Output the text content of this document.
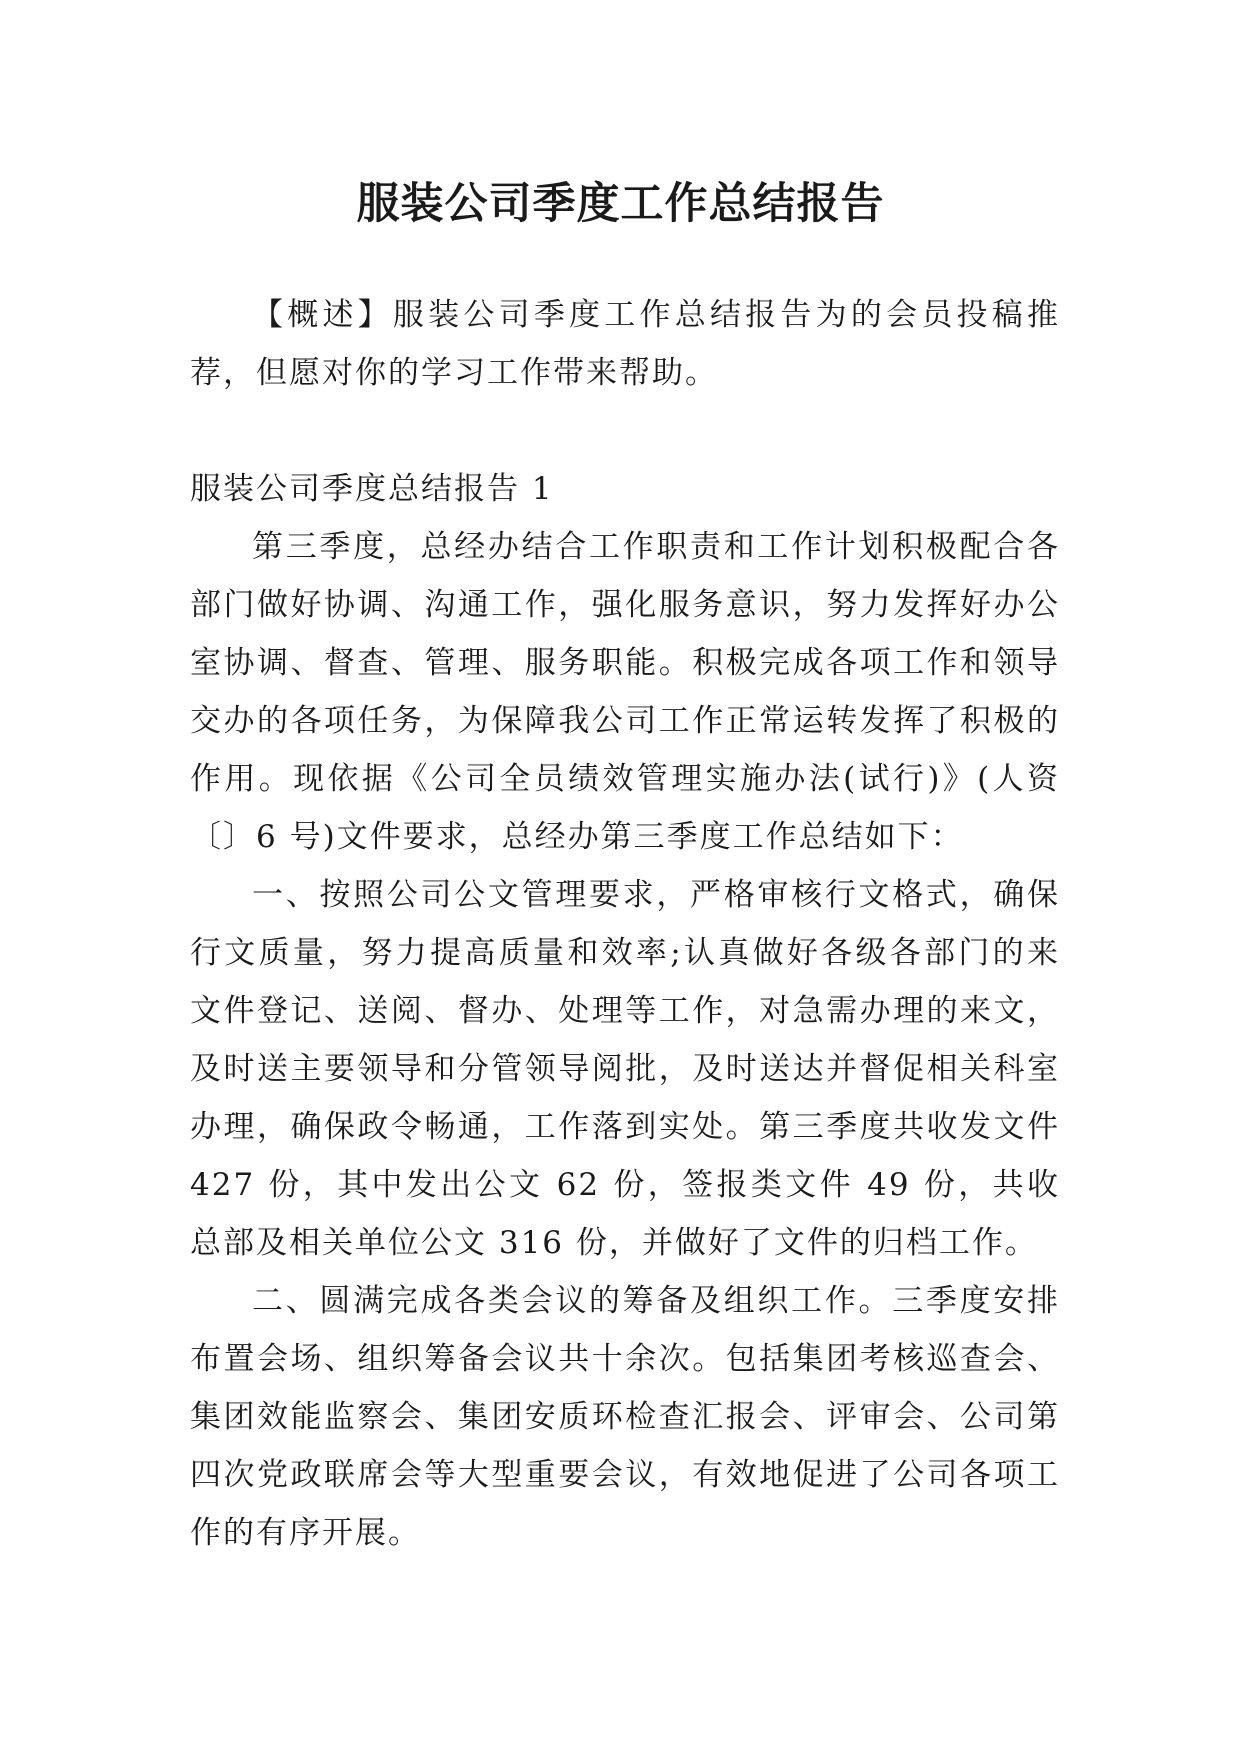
服装公司季度工作总结报告

【概述】服装公司季度工作总结报告为的会员投稿推荐，但愿对你的学习工作带来帮助。

服装公司季度总结报告 1

第三季度，总经办结合工作职责和工作计划积极配合各部门做好协调、沟通工作，强化服务意识，努力发挥好办公室协调、督查、管理、服务职能。积极完成各项工作和领导交办的各项任务，为保障我公司工作正常运转发挥了积极的作用。现依据《公司全员绩效管理实施办法(试行)》(人资〔〕6 号)文件要求，总经办第三季度工作总结如下：

一、按照公司公文管理要求，严格审核行文格式，确保行文质量，努力提高质量和效率;认真做好各级各部门的来文件登记、送阅、督办、处理等工作，对急需办理的来文，及时送主要领导和分管领导阅批，及时送达并督促相关科室办理，确保政令畅通，工作落到实处。第三季度共收发文件 427 份，其中发出公文 62 份，签报类文件 49 份，共收总部及相关单位公文 316 份，并做好了文件的归档工作。

二、圆满完成各类会议的筹备及组织工作。三季度安排布置会场、组织筹备会议共十余次。包括集团考核巡查会、集团效能监察会、集团安质环检查汇报会、评审会、公司第四次党政联席会等大型重要会议，有效地促进了公司各项工作的有序开展。
